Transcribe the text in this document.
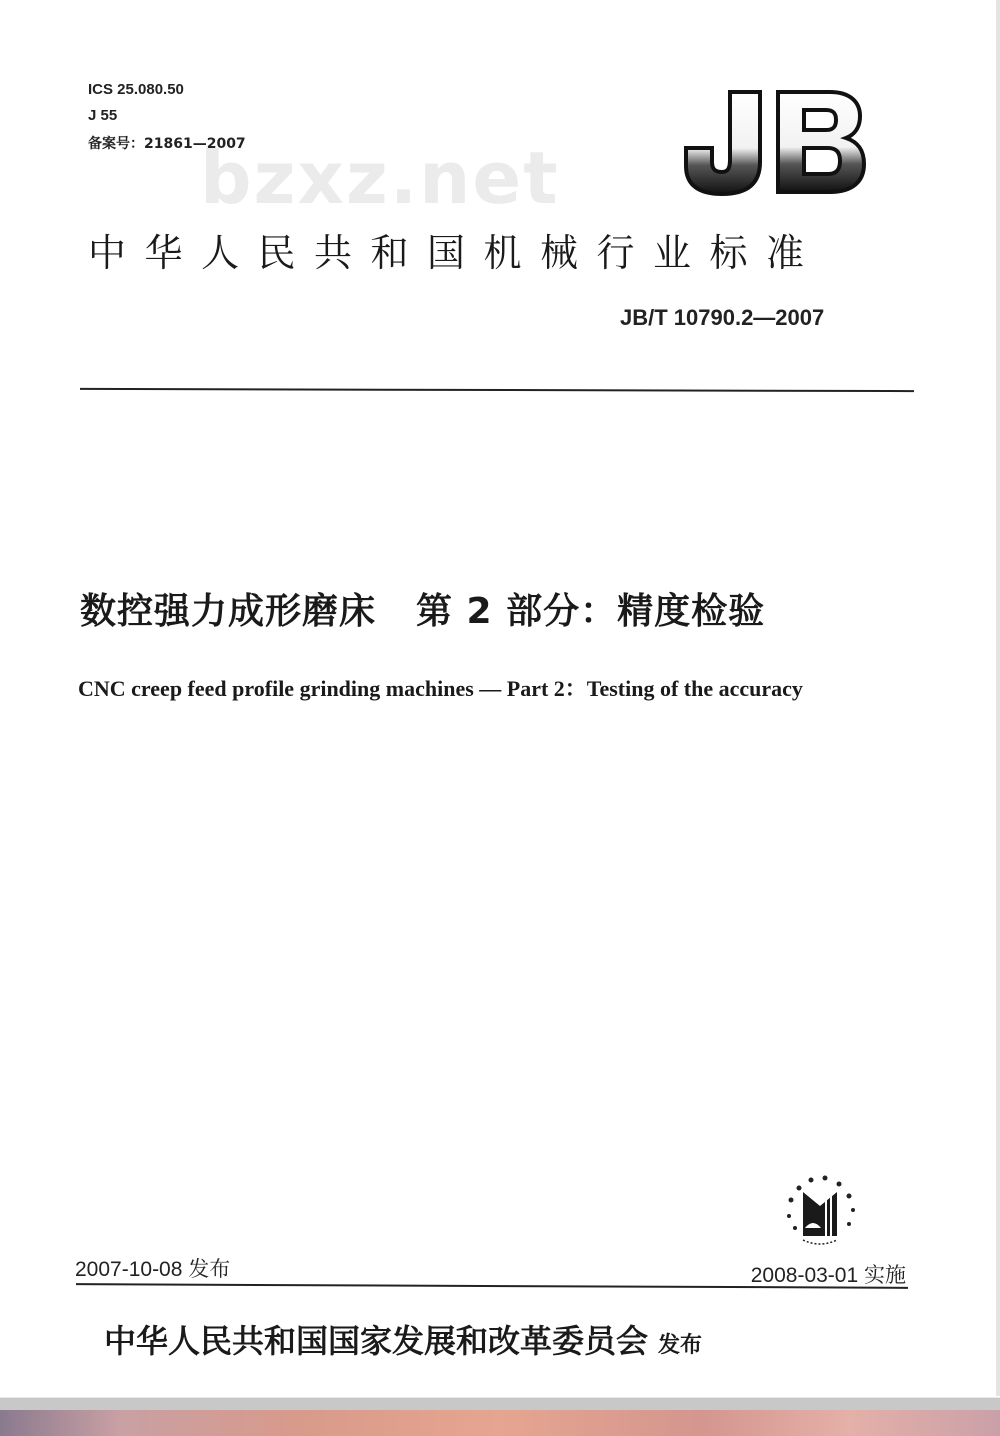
ICS 25.080.50
J 55
备案号：21861—2007
bzxz.net
中华人民共和国机械行业标准
JB/T 10790.2—2007
数控强力成形磨床 第 2 部分：精度检验
CNC creep feed profile grinding machines — Part 2：Testing of the accuracy
2007-10-08 发布	2008-03-01 实施
中华人民共和国国家发展和改革委员会 发布
